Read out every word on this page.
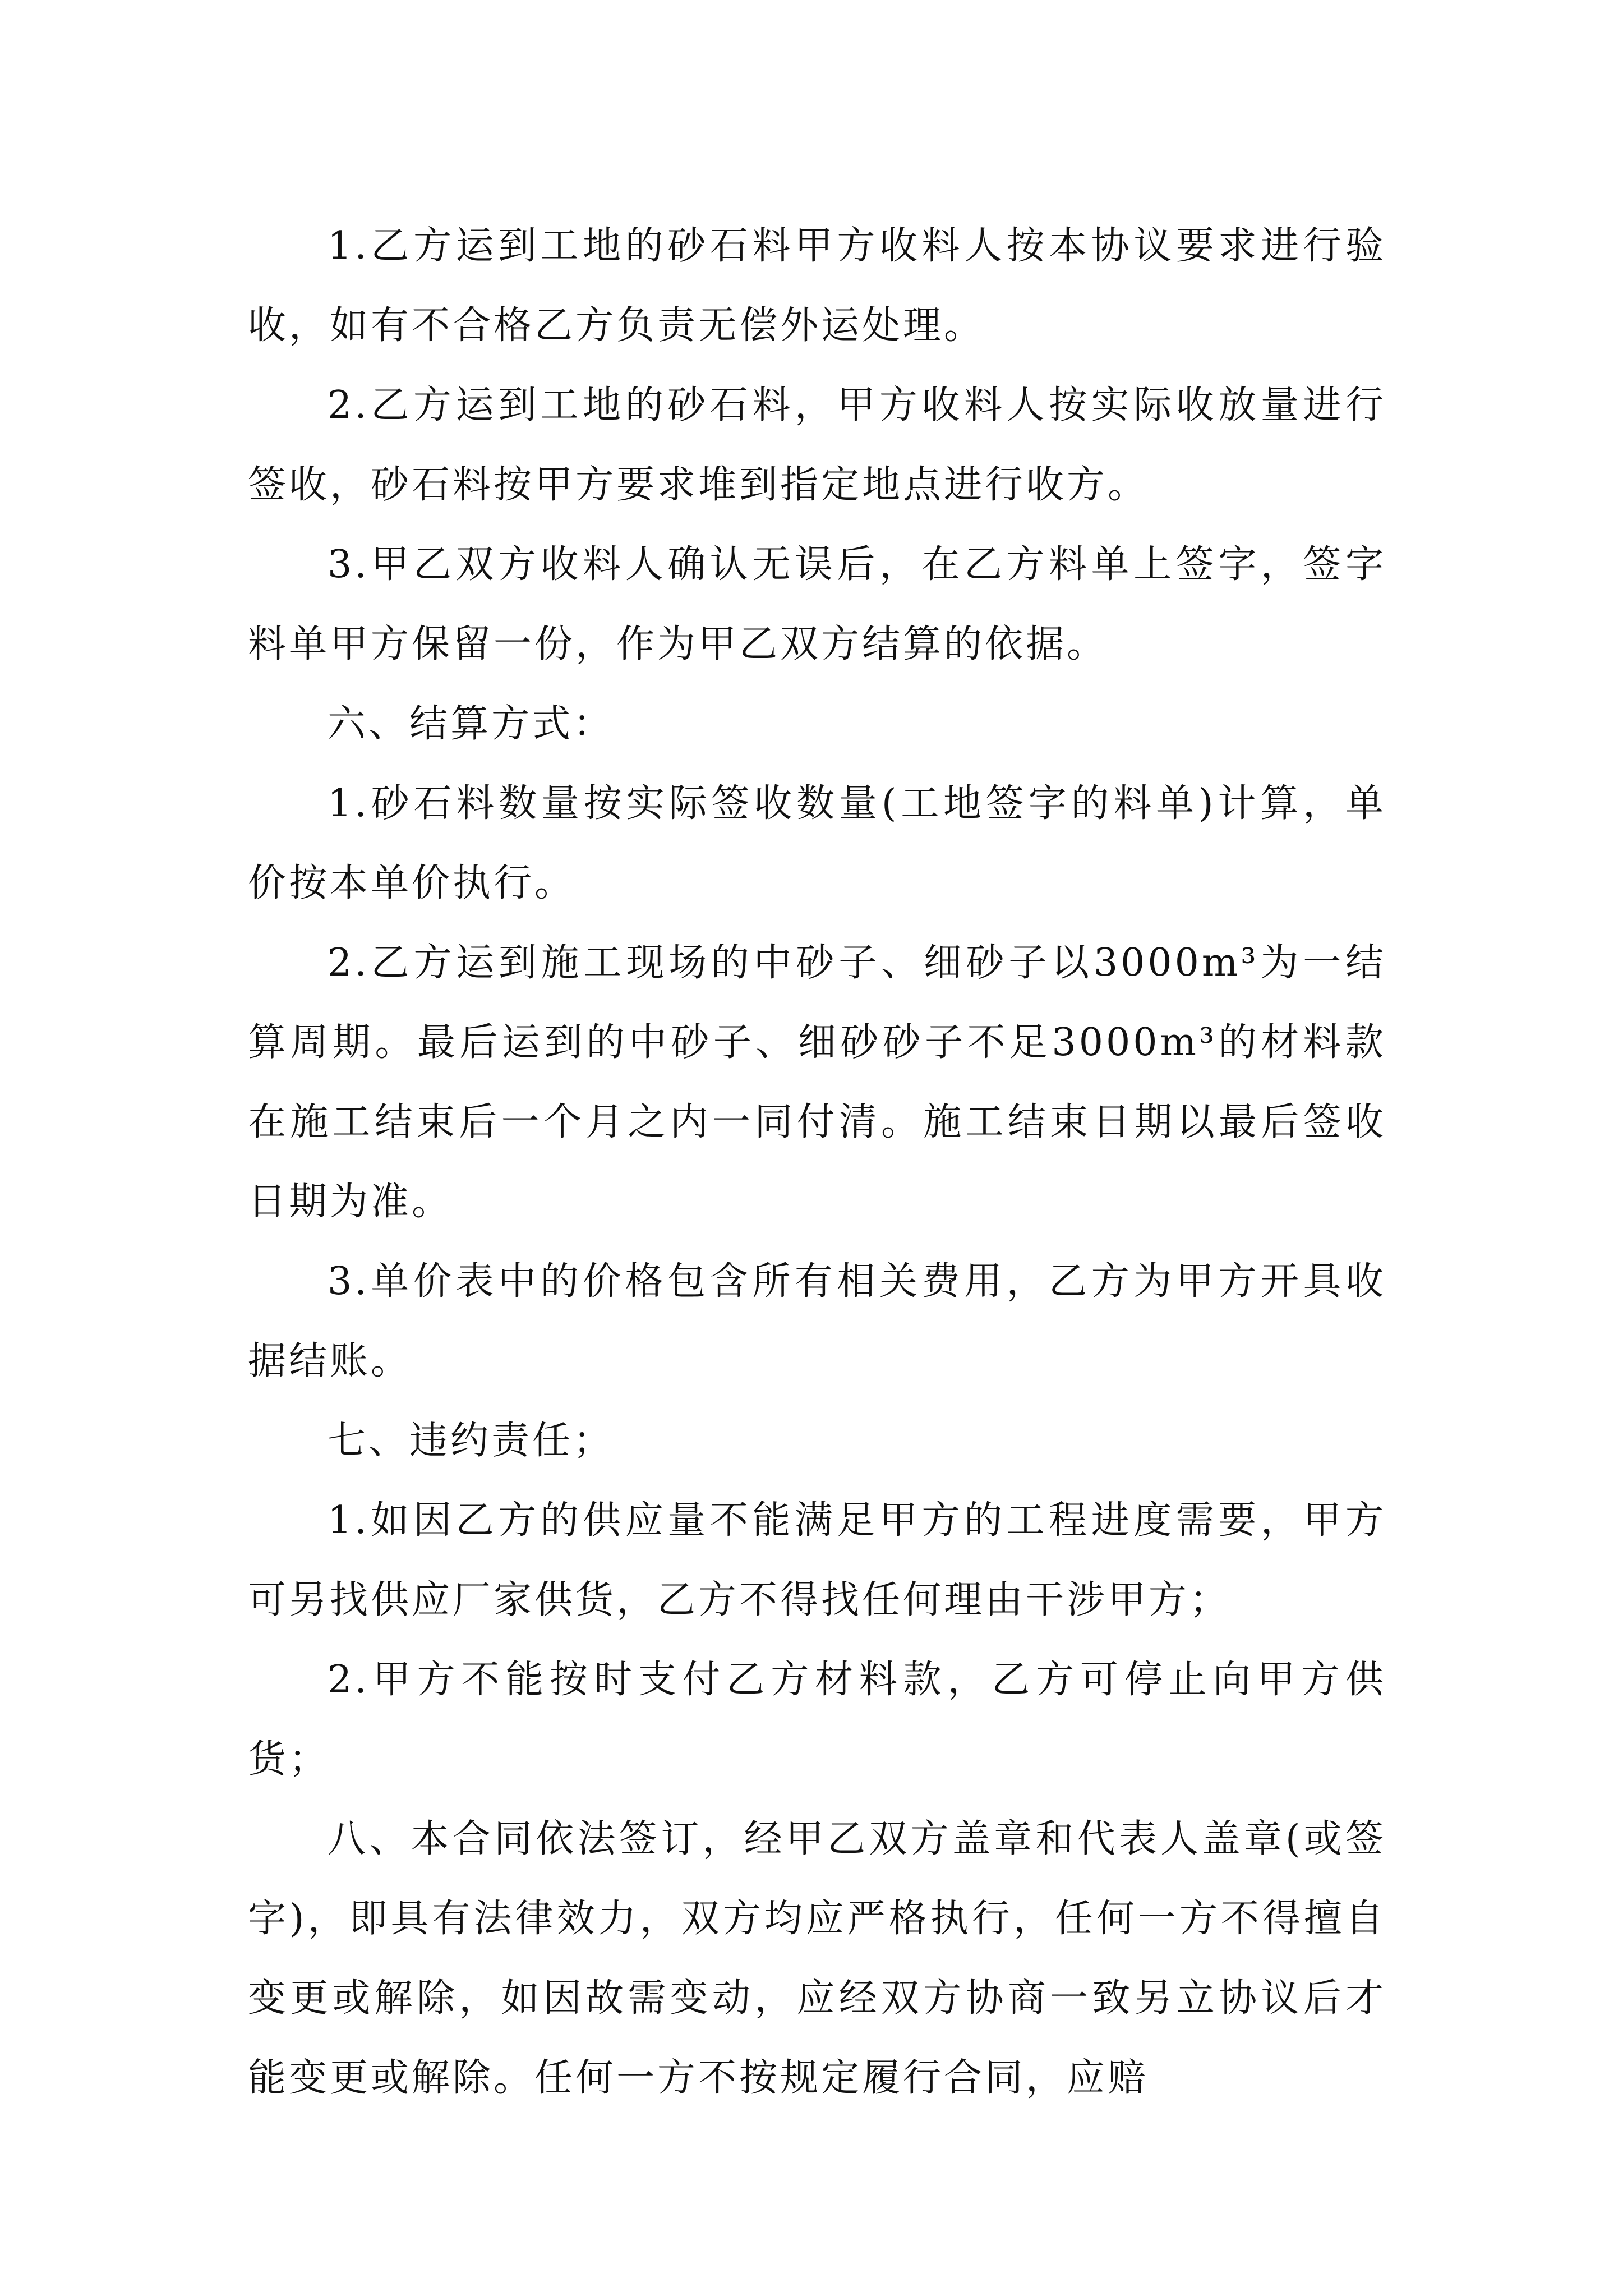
1.乙方运到工地的砂石料甲方收料人按本协议要求进行验收，如有不合格乙方负责无偿外运处理。

2.乙方运到工地的砂石料，甲方收料人按实际收放量进行签收，砂石料按甲方要求堆到指定地点进行收方。

3.甲乙双方收料人确认无误后，在乙方料单上签字，签字料单甲方保留一份，作为甲乙双方结算的依据。

六、结算方式：

1.砂石料数量按实际签收数量(工地签字的料单)计算，单价按本单价执行。

2.乙方运到施工现场的中砂子、细砂子以3000m³为一结算周期。最后运到的中砂子、细砂砂子不足3000m³的材料款在施工结束后一个月之内一同付清。施工结束日期以最后签收日期为准。

3.单价表中的价格包含所有相关费用，乙方为甲方开具收据结账。

七、违约责任；

1.如因乙方的供应量不能满足甲方的工程进度需要，甲方可另找供应厂家供货，乙方不得找任何理由干涉甲方；

2.甲方不能按时支付乙方材料款，乙方可停止向甲方供货；

八、本合同依法签订，经甲乙双方盖章和代表人盖章(或签字)，即具有法律效力，双方均应严格执行，任何一方不得擅自变更或解除，如因故需变动，应经双方协商一致另立协议后才能变更或解除。任何一方不按规定履行合同，应赔
